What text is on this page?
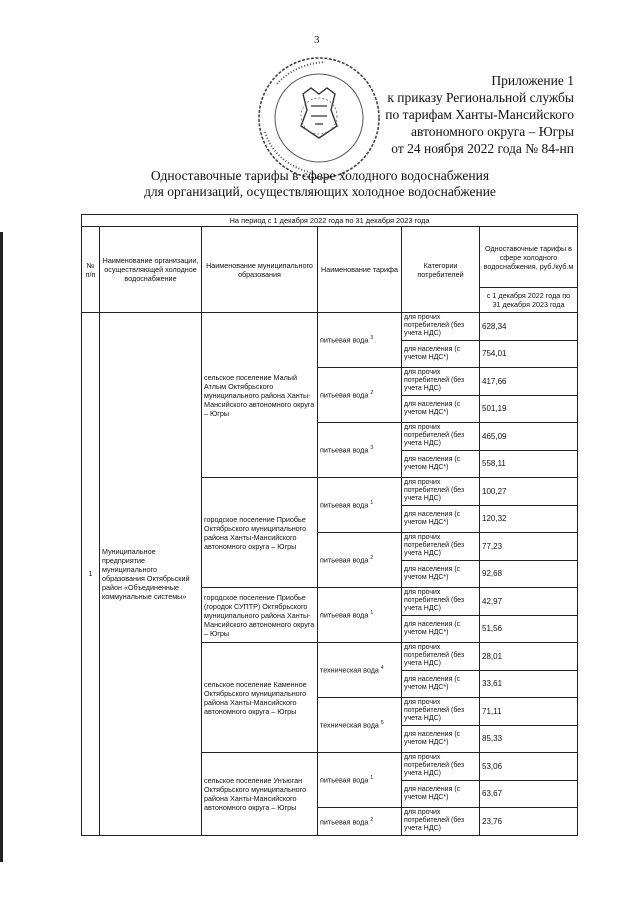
3
Приложение 1
к приказу Региональной службы
по тарифам Ханты-Мансийского
автономного округа – Югры
от 24 ноября 2022 года № 84-нп
Одноставочные тарифы в сфере холодного водоснабжения
для организаций, осуществляющих холодное водоснабжение
На период с 1 декабря 2022 года по 31 декабря 2023 года					
№ п/п	Наименование организации, осуществляющей холодное водоснабжение	Наименование муниципального образования	Наименование тарифа	Категории потребителей	Одноставочные тарифы в сфере холодного водоснабжения, руб./куб.м
					с 1 декабря 2022 года по 31 декабря 2023 года
1	Муниципальное предприятие муниципального образования Октябрьский район «Объединенные коммунальные системы»	сельское поселение Малый Атлым Октябрьского муниципального района Ханты-Мансийского автономного округа – Югры	питьевая вода $^3$	для прочих потребителей (без учета НДС)	628,34
				для населения (с учетом НДС*)	754,01
			питьевая вода $^2$	для прочих потребителей (без учета НДС)	417,66
				для населения (с учетом НДС*)	501,19
			питьевая вода $^3$	для прочих потребителей (без учета НДС)	465,09
				для населения (с учетом НДС*)	558,11
		городское поселение Приобье Октябрьского муниципального района Ханты-Мансийского автономного округа – Югры	питьевая вода $^1$	для прочих потребителей (без учета НДС)	100,27
				для населения (с учетом НДС*)	120,32
			питьевая вода $^2$	для прочих потребителей (без учета НДС)	77,23
				для населения (с учетом НДС*)	92,68
		городское поселение Приобье (городок СУПТР) Октябрьского муниципального района Ханты-Мансийского автономного округа – Югры	питьевая вода $^1$	для прочих потребителей (без учета НДС)	42,97
				для населения (с учетом НДС*)	51,56
		сельское поселение Каменное Октябрьского муниципального района Ханты-Мансийского автономного округа – Югры	техническая вода $^4$	для прочих потребителей (без учета НДС)	28,01
				для населения (с учетом НДС*)	33,61
			техническая вода $^5$	для прочих потребителей (без учета НДС)	71,11
				для населения (с учетом НДС*)	85,33
		сельское поселение Унъюган Октябрьского муниципального района Ханты-Мансийского автономного округа – Югры	питьевая вода $^1$	для прочих потребителей (без учета НДС)	53,06
				для населения (с учетом НДС*)	63,67
			питьевая вода $^2$	для прочих потребителей (без учета НДС)	23,76
